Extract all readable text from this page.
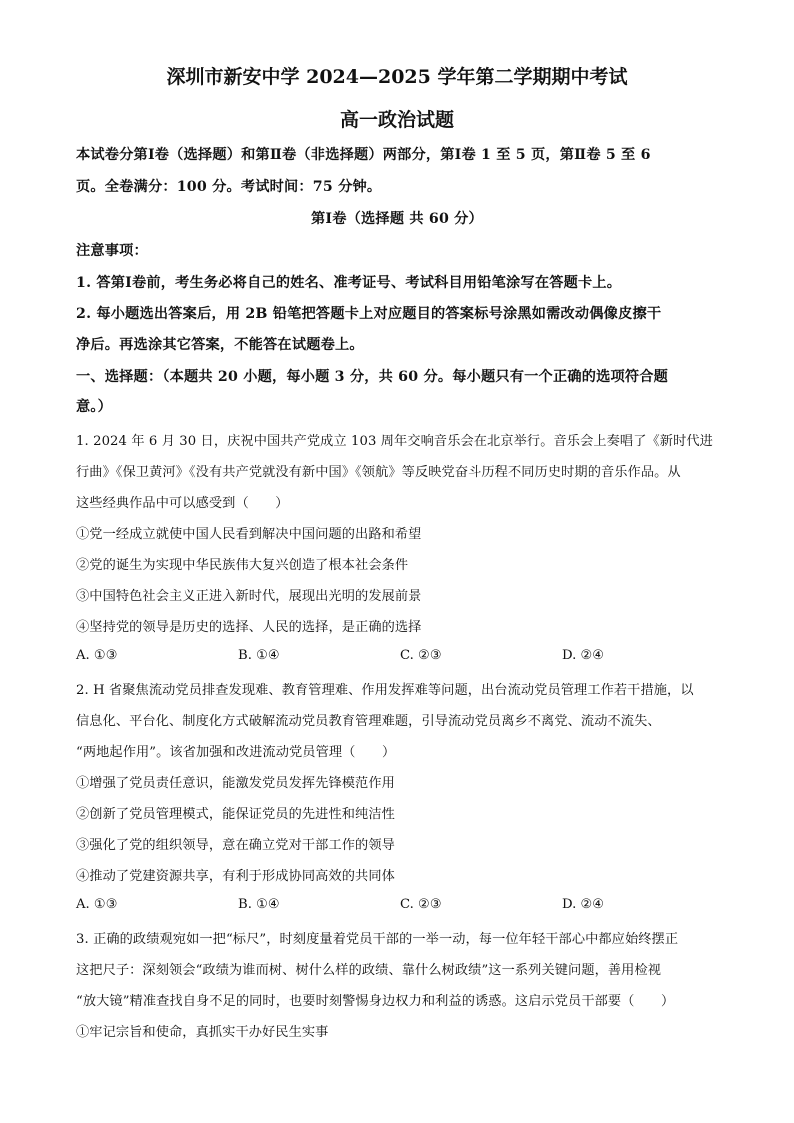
深圳市新安中学 2024—2025 学年第二学期期中考试
高一政治试题
本试卷分第Ⅰ卷（选择题）和第Ⅱ卷（非选择题）两部分，第Ⅰ卷 1 至 5 页，第Ⅱ卷 5 至 6
页。全卷满分：100 分。考试时间：75 分钟。
第Ⅰ卷（选择题 共 60 分）
注意事项：
1. 答第Ⅰ卷前，考生务必将自己的姓名、准考证号、考试科目用铅笔涂写在答题卡上。
2. 每小题选出答案后，用 2B 铅笔把答题卡上对应题目的答案标号涂黑如需改动偶像皮擦干
净后。再选涂其它答案，不能答在试题卷上。
一、选择题：（本题共 20 小题，每小题 3 分，共 60 分。每小题只有一个正确的选项符合题
意。）
1. 2024 年 6 月 30 日，庆祝中国共产党成立 103 周年交响音乐会在北京举行。音乐会上奏唱了《新时代进
行曲》《保卫黄河》《没有共产党就没有新中国》《领航》等反映党奋斗历程不同历史时期的音乐作品。从
这些经典作品中可以感受到（　　）
①党一经成立就使中国人民看到解决中国问题的出路和希望
②党的诞生为实现中华民族伟大复兴创造了根本社会条件
③中国特色社会主义正进入新时代，展现出光明的发展前景
④坚持党的领导是历史的选择、人民的选择，是正确的选择
A. ①③	B. ①④	C. ②③	D. ②④
2. H 省聚焦流动党员排查发现难、教育管理难、作用发挥难等问题，出台流动党员管理工作若干措施，以
信息化、平台化、制度化方式破解流动党员教育管理难题，引导流动党员离乡不离党、流动不流失、
“两地起作用”。该省加强和改进流动党员管理（　　）
①增强了党员责任意识，能激发党员发挥先锋模范作用
②创新了党员管理模式，能保证党员的先进性和纯洁性
③强化了党的组织领导，意在确立党对干部工作的领导
④推动了党建资源共享，有利于形成协同高效的共同体
A. ①③	B. ①④	C. ②③	D. ②④
3. 正确的政绩观宛如一把“标尺”，时刻度量着党员干部的一举一动，每一位年轻干部心中都应始终摆正
这把尺子：深刻领会“政绩为谁而树、树什么样的政绩、靠什么树政绩”这一系列关键问题，善用检视
“放大镜”精准查找自身不足的同时，也要时刻警惕身边权力和利益的诱惑。这启示党员干部要（　　）
①牢记宗旨和使命，真抓实干办好民生实事
